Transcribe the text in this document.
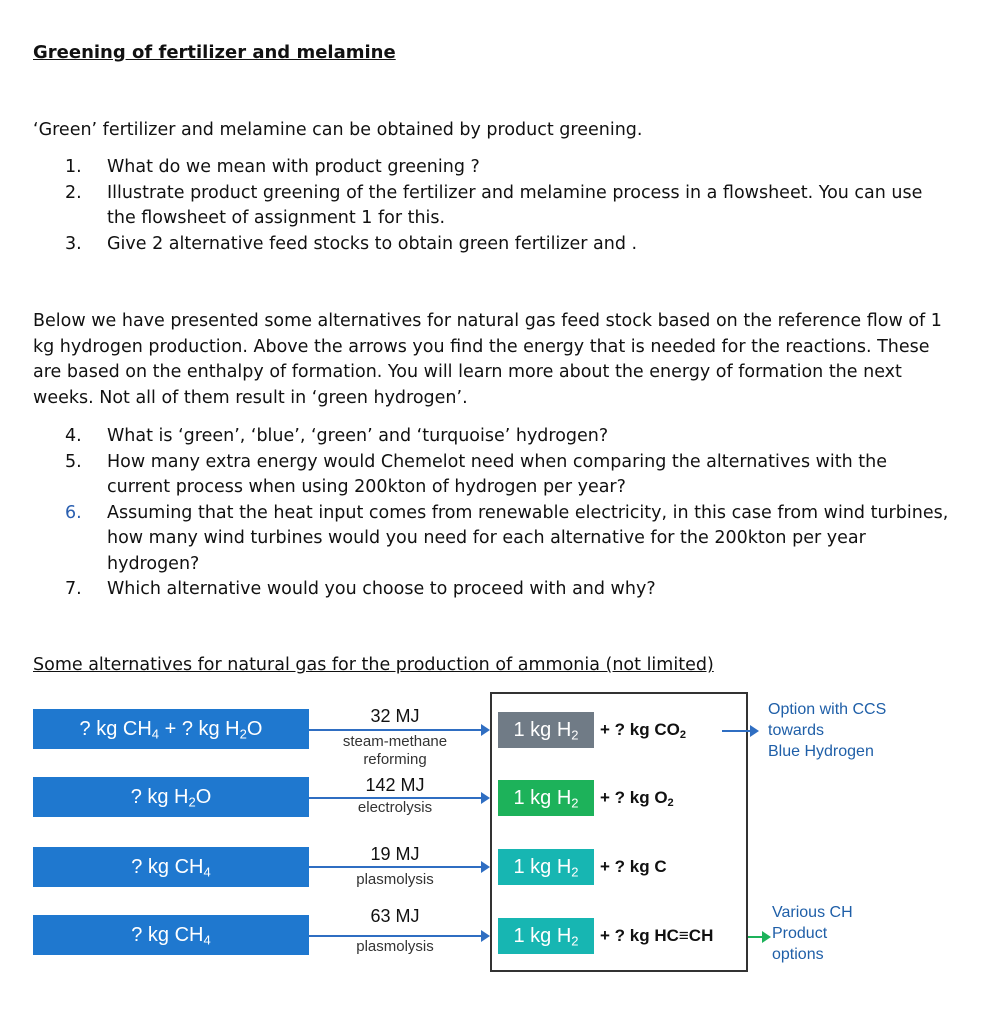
Greening of fertilizer and melamine
‘Green’ fertilizer and melamine can be obtained by product greening.
1. What do we mean with product greening ?
2. Illustrate product greening of the fertilizer and melamine process in a flowsheet. You can use the flowsheet of assignment 1 for this.
3. Give 2 alternative feed stocks to obtain green fertilizer and .
Below we have presented some alternatives for natural gas feed stock based on the reference flow of 1 kg hydrogen production. Above the arrows you find the energy that is needed for the reactions. These are based on the enthalpy of formation. You will learn more about the energy of formation the next weeks. Not all of them result in ‘green hydrogen’.
4. What is ‘green’, ‘blue’, ‘green’ and ‘turquoise’ hydrogen?
5. How many extra energy would Chemelot need when comparing the alternatives with the current process when using 200kton of hydrogen per year?
6. Assuming that the heat input comes from renewable electricity, in this case from wind turbines, how many wind turbines would you need for each alternative for the 200kton per year hydrogen?
7. Which alternative would you choose to proceed with and why?
Some alternatives for natural gas for the production of ammonia (not limited)
? kg $CH_4$ + ? kg $H_2O$
32 MJ
steam-methane reforming
? kg $H_2O$
142 MJ
electrolysis
? kg $CH_4$
19 MJ
plasmolysis
? kg $CH_4$
63 MJ
plasmolysis
1 kg $H_2$ + ? kg $CO_2$
1 kg $H_2$ + ? kg $O_2$
1 kg $H_2$ + ? kg C
1 kg $H_2$ + ? kg HC≡CH
Option with CCS
towards
Blue Hydrogen
Various CH
Product
options
